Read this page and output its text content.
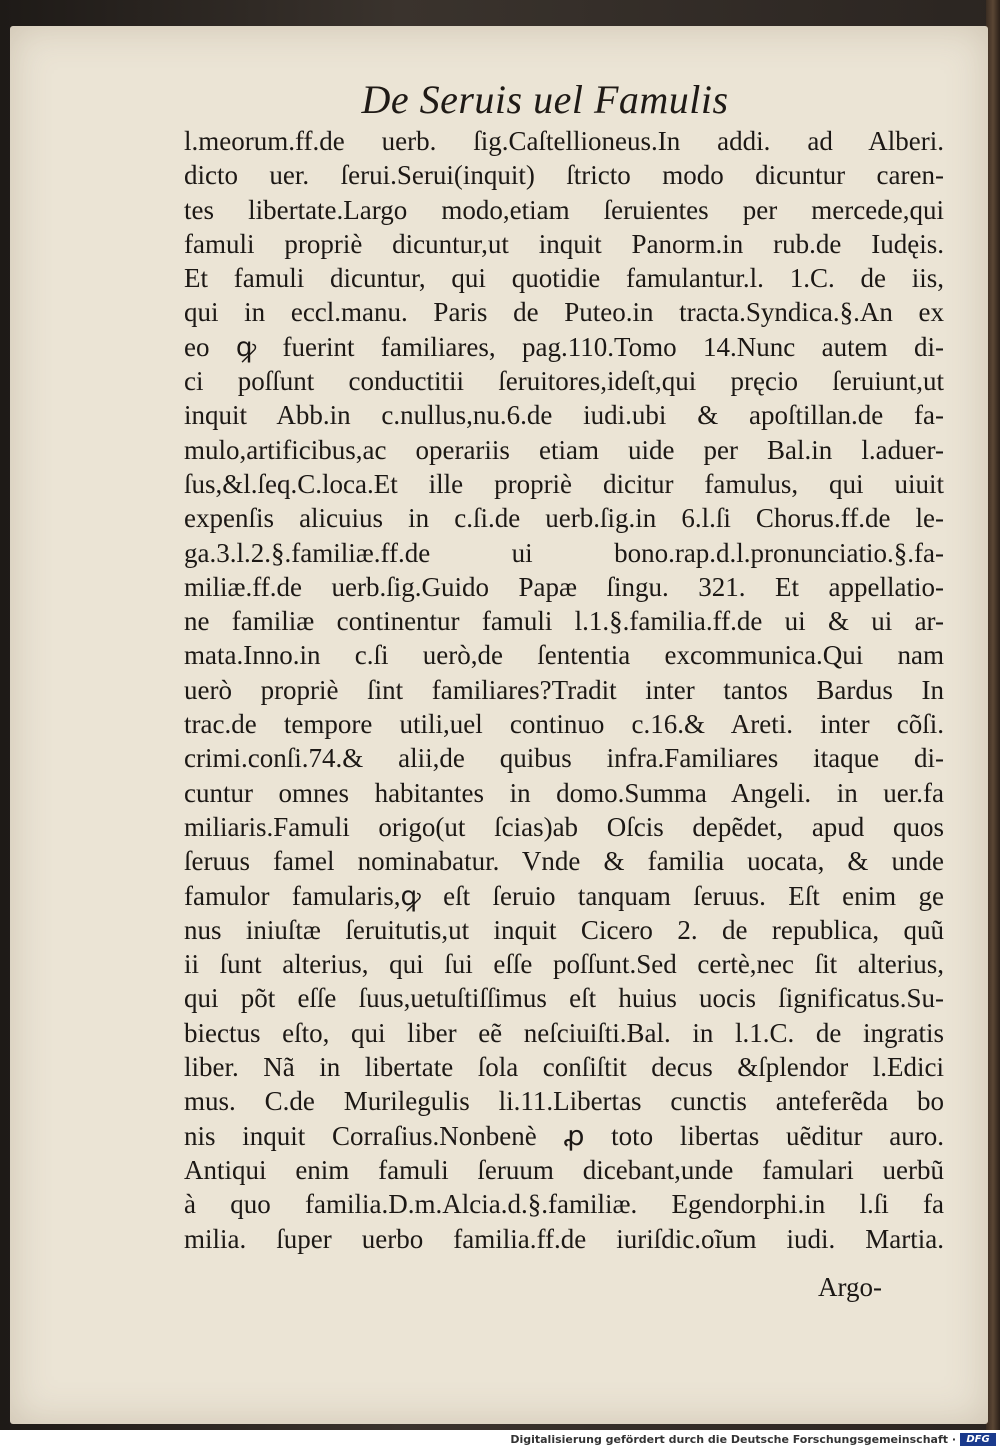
De Seruis uel Famulis
l.meorum.ff.de uerb. ſig.Caſtellioneus.In addi. ad Alberi.
dicto uer. ſerui.Serui(inquit) ſtricto modo dicuntur caren-
tes libertate.Largo modo,etiam ſeruientes per mercede,qui
famuli propriè dicuntur,ut inquit Panorm.in rub.de Iudęis.
Et famuli dicuntur, qui quotidie famulantur.l. 1.C. de iis,
qui in eccl.manu. Paris de Puteo.in tracta.Syndica.§.An ex
eo ꝙ fuerint familiares, pag.110.Tomo 14.Nunc autem di-
ci poſſunt conductitii ſeruitores,ideſt,qui pręcio ſeruiunt,ut
inquit Abb.in c.nullus,nu.6.de iudi.ubi & apoſtillan.de fa-
mulo,artificibus,ac operariis etiam uide per Bal.in l.aduer-
ſus,&l.ſeq.C.loca.Et ille propriè dicitur famulus, qui uiuit
expenſis alicuius in c.ſi.de uerb.ſig.in 6.l.ſi Chorus.ff.de le-
ga.3.l.2.§.familiæ.ff.de ui bono.rap.d.l.pronunciatio.§.fa-
miliæ.ff.de uerb.ſig.Guido Papæ ſingu. 321. Et appellatio-
ne familiæ continentur famuli l.1.§.familia.ff.de ui & ui ar-
mata.Inno.in c.ſi uerò,de ſententia excommunica.Qui nam
uerò propriè ſint familiares?Tradit inter tantos Bardus In
trac.de tempore utili,uel continuo c.16.& Areti. inter cõſi.
crimi.conſi.74.& alii,de quibus infra.Familiares itaque di-
cuntur omnes habitantes in domo.Summa Angeli. in uer.fa
miliaris.Famuli origo(ut ſcias)ab Oſcis depẽdet, apud quos
ſeruus famel nominabatur. Vnde & familia uocata, & unde
famulor famularis,ꝙ eſt ſeruio tanquam ſeruus. Eſt enim ge
nus iniuſtæ ſeruitutis,ut inquit Cicero 2. de republica, quũ
ii ſunt alterius, qui ſui eſſe poſſunt.Sed certè,nec ſit alterius,
qui põt eſſe ſuus,uetuſtiſſimus eſt huius uocis ſignificatus.Su-
biectus eſto, qui liber eẽ neſciuiſti.Bal. in l.1.C. de ingratis
liber. Nã in libertate ſola conſiſtit decus &ſplendor l.Edici
mus. C.de Murilegulis li.11.Libertas cunctis anteferẽda bo
nis inquit Corraſius.Nonbenè ꝓ toto libertas uẽditur auro.
Antiqui enim famuli ſeruum dicebant,unde famulari uerbũ
à quo familia.D.m.Alcia.d.§.familiæ. Egendorphi.in l.ſi fa
milia. ſuper uerbo familia.ff.de iuriſdic.oĩum iudi. Martia.
Argo-
Digitalisierung gefördert durch die Deutsche Forschungsgemeinschaft ·	DFG
